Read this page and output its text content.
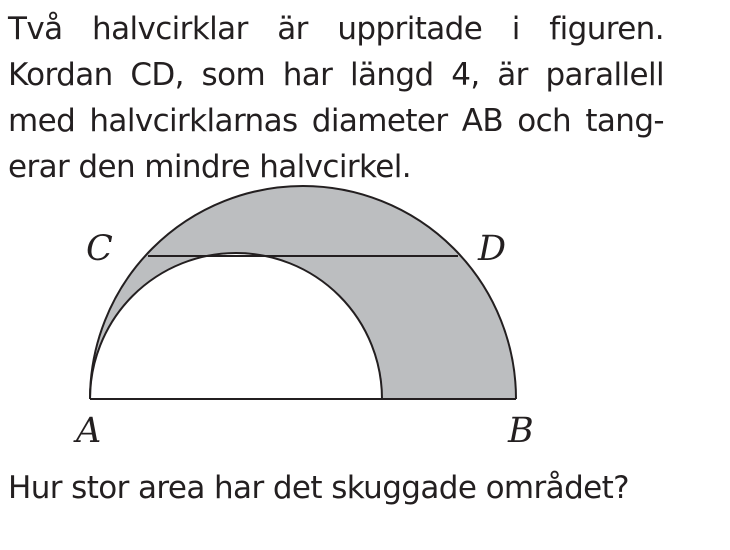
Två halvcirklar är uppritade i figuren.
Kordan CD, som har längd 4, är parallell
med halvcirklarnas diameter AB och tang-
erar den mindre halvcirkel.
C	D
A	B
Hur stor area har det skuggade området?
